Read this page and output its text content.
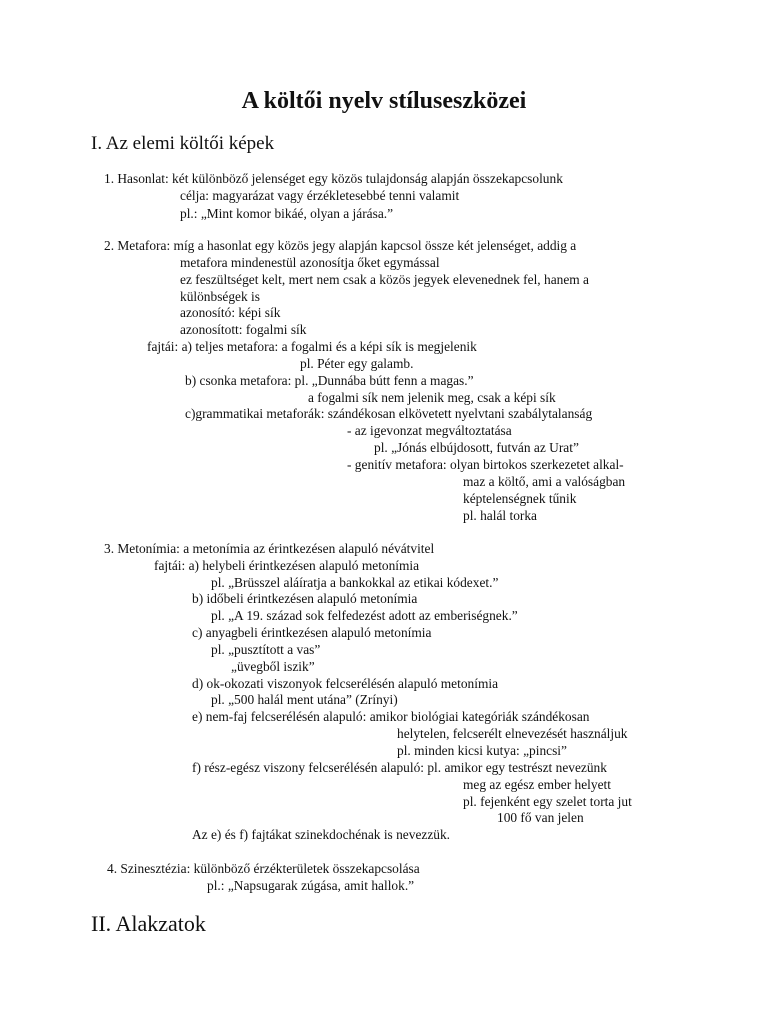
A költői nyelv stíluseszközei
I. Az elemi költői képek
1. Hasonlat: két különböző jelenséget egy közös tulajdonság alapján összekapcsolunk
célja: magyarázat vagy érzékletesebbé tenni valamit
pl.: „Mint komor bikáé, olyan a járása.”
2. Metafora: míg a hasonlat egy közös jegy alapján kapcsol össze két jelenséget, addig a
metafora mindenestül azonosítja őket egymással
ez feszültséget kelt, mert nem csak a közös jegyek elevenednek fel, hanem a
különbségek is
azonosító: képi sík
azonosított: fogalmi sík
fajtái: a) teljes metafora: a fogalmi és a képi sík is megjelenik
pl. Péter egy galamb.
b) csonka metafora: pl. „Dunnába bútt fenn a magas.”
a fogalmi sík nem jelenik meg, csak a képi sík
c)grammatikai metaforák: szándékosan elkövetett nyelvtani szabálytalanság
- az igevonzat megváltoztatása
pl. „Jónás elbújdosott, futván az Urat”
- genitív metafora: olyan birtokos szerkezetet alkal-
maz a költő, ami a valóságban
képtelenségnek tűnik
pl. halál torka
3. Metonímia: a metonímia az érintkezésen alapuló névátvitel
fajtái: a) helybeli érintkezésen alapuló metonímia
pl. „Brüsszel aláíratja a bankokkal az etikai kódexet.”
b) időbeli érintkezésen alapuló metonímia
pl. „A 19. század sok felfedezést adott az emberiségnek.”
c) anyagbeli érintkezésen alapuló metonímia
pl. „pusztított a vas”
„üvegből iszik”
d) ok-okozati viszonyok felcserélésén alapuló metonímia
pl. „500 halál ment utána” (Zrínyi)
e) nem-faj felcserélésén alapuló: amikor biológiai kategóriák szándékosan
helytelen, felcserélt elnevezését használjuk
pl. minden kicsi kutya: „pincsi”
f) rész-egész viszony felcserélésén alapuló: pl. amikor egy testrészt nevezünk
meg az egész ember helyett
pl. fejenként egy szelet torta jut
100 fő van jelen
Az e) és f) fajtákat szinekdochénak is nevezzük.
4. Szinesztézia: különböző érzékterületek összekapcsolása
pl.: „Napsugarak zúgása, amit hallok.”
II. Alakzatok
